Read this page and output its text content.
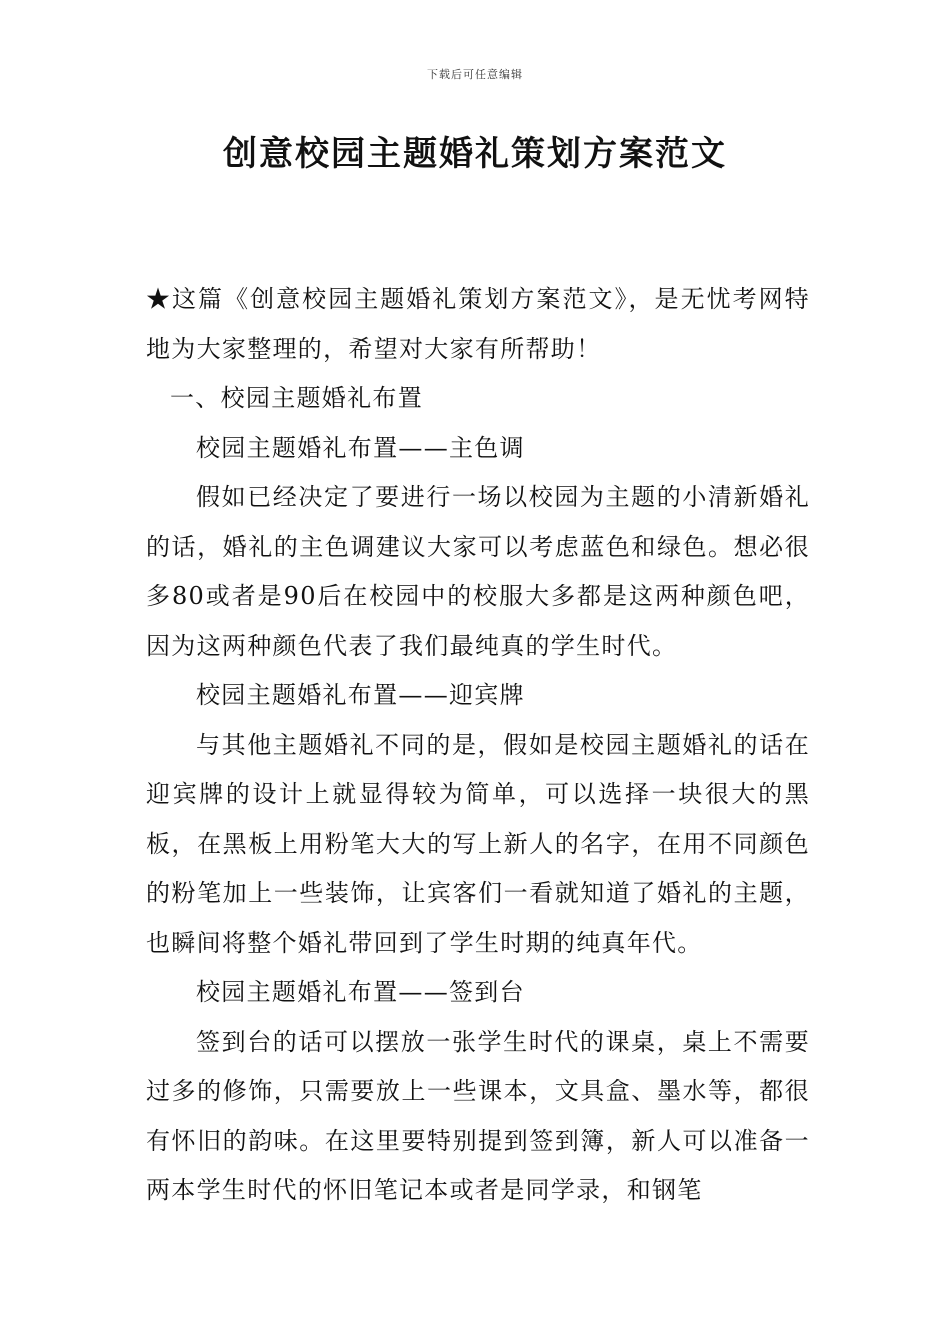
下载后可任意编辑
创意校园主题婚礼策划方案范文

★这篇《创意校园主题婚礼策划方案范文》，是无忧考网特地为大家整理的，希望对大家有所帮助！

一、校园主题婚礼布置

校园主题婚礼布置——主色调

假如已经决定了要进行一场以校园为主题的小清新婚礼的话，婚礼的主色调建议大家可以考虑蓝色和绿色。想必很多80或者是90后在校园中的校服大多都是这两种颜色吧，因为这两种颜色代表了我们最纯真的学生时代。

校园主题婚礼布置——迎宾牌

与其他主题婚礼不同的是，假如是校园主题婚礼的话在迎宾牌的设计上就显得较为简单，可以选择一块很大的黑板，在黑板上用粉笔大大的写上新人的名字，在用不同颜色的粉笔加上一些装饰，让宾客们一看就知道了婚礼的主题，也瞬间将整个婚礼带回到了学生时期的纯真年代。

校园主题婚礼布置——签到台

签到台的话可以摆放一张学生时代的课桌，桌上不需要过多的修饰，只需要放上一些课本，文具盒、墨水等，都很有怀旧的韵味。在这里要特别提到签到簿，新人可以准备一两本学生时代的怀旧笔记本或者是同学录，和钢笔
